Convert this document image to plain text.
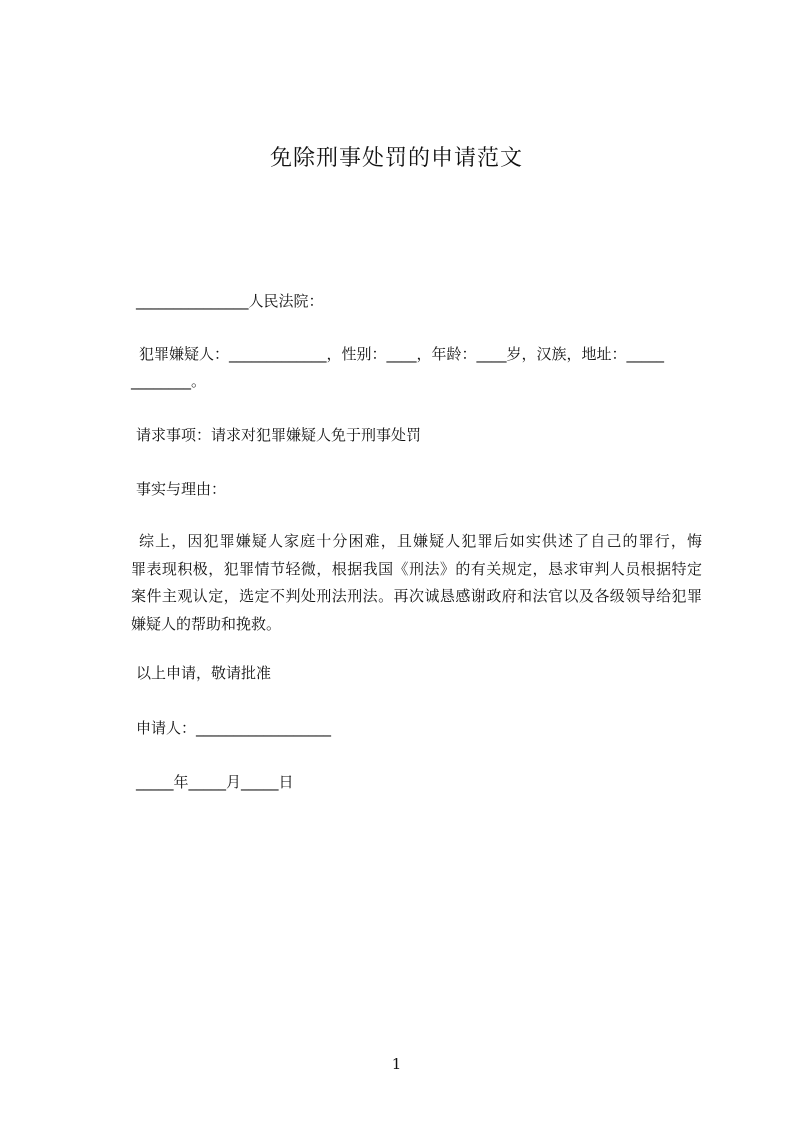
免除刑事处罚的申请范文
_______________人民法院：
犯罪嫌疑人：_____________，性别：____，年龄：____岁，汉族，地址：_____
________。
请求事项：请求对犯罪嫌疑人免于刑事处罚
事实与理由：
综上，因犯罪嫌疑人家庭十分困难，且嫌疑人犯罪后如实供述了自己的罪行，悔
罪表现积极，犯罪情节轻微，根据我国《刑法》的有关规定，恳求审判人员根据特定
案件主观认定，选定不判处刑法刑法。再次诚恳感谢政府和法官以及各级领导给犯罪
嫌疑人的帮助和挽救。
以上申请，敬请批准
申请人：__________________
_____年_____月_____日
1
